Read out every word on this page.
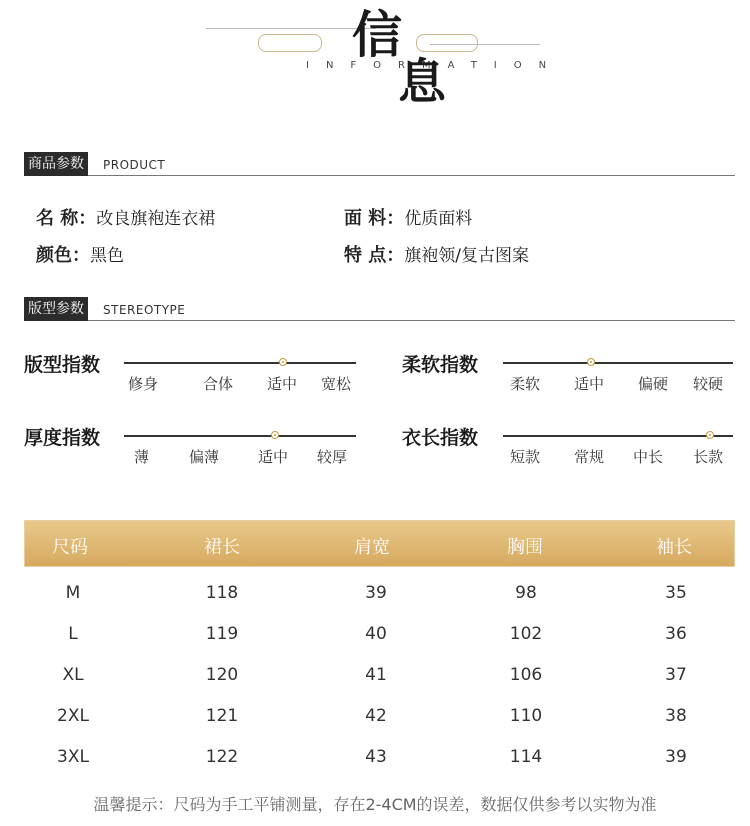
信
INFORMATION
息
商品参数	PRODUCT
名 称：改良旗袍连衣裙
颜色：黑色
面 料：优质面料
特 点：旗袍领/复古图案
版型参数	STEREOTYPE
版型指数
修身	合体 适中 宽松
柔软指数
柔软 适中 偏硬 较硬
厚度指数
薄	偏薄	适中 较厚
衣长指数
短款 常规 中长 长款
尺码	裙长	肩宽	胸围	袖长
M	118	39	98	35
L	119	40	102	36
XL	120	41	106	37
2XL	121	42	110	38
3XL	122	43	114	39
温馨提示：尺码为手工平铺测量，存在2-4CM的误差，数据仅供参考以实物为准
